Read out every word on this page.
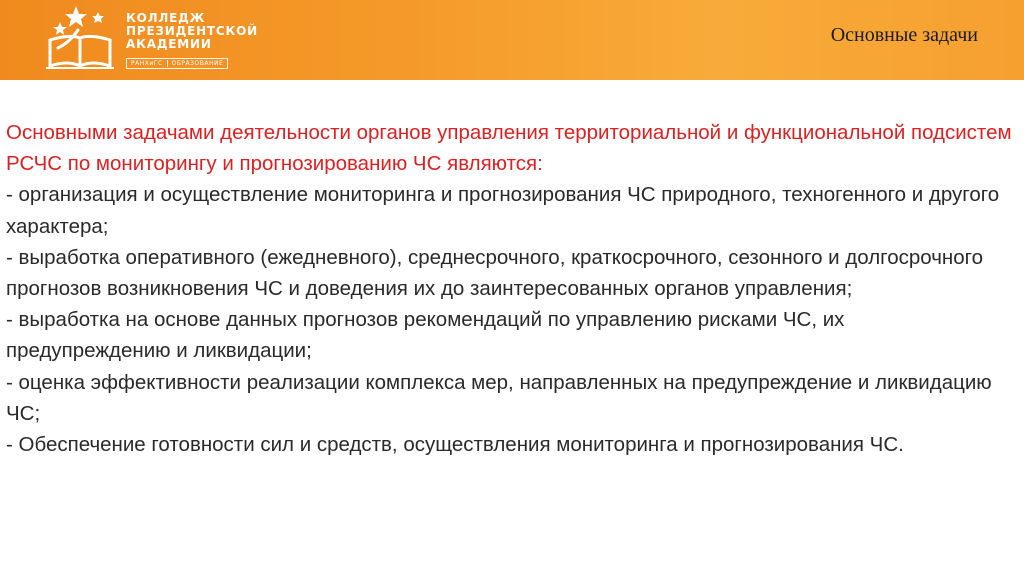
КОЛЛЕДЖ
ПРЕЗИДЕНТСКОЙ
АКАДЕМИИ
РАНХиГС ОБРАЗОВАНИЕ
Основные задачи

Основными задачами деятельности органов управления территориальной и функциональной подсистем РСЧС по мониторингу и прогнозированию ЧС являются:

- организация и осуществление мониторинга и прогнозирования ЧС природного, техногенного и другого характера;

- выработка оперативного (ежедневного), среднесрочного, краткосрочного, сезонного и долгосрочного прогнозов возникновения ЧС и доведения их до заинтересованных органов управления;

- выработка на основе данных прогнозов рекомендаций по управлению рисками ЧС, их предупреждению и ликвидации;

- оценка эффективности реализации комплекса мер, направленных на предупреждение и ликвидацию ЧС;

- Обеспечение готовности сил и средств, осуществления мониторинга и прогнозирования ЧС.
